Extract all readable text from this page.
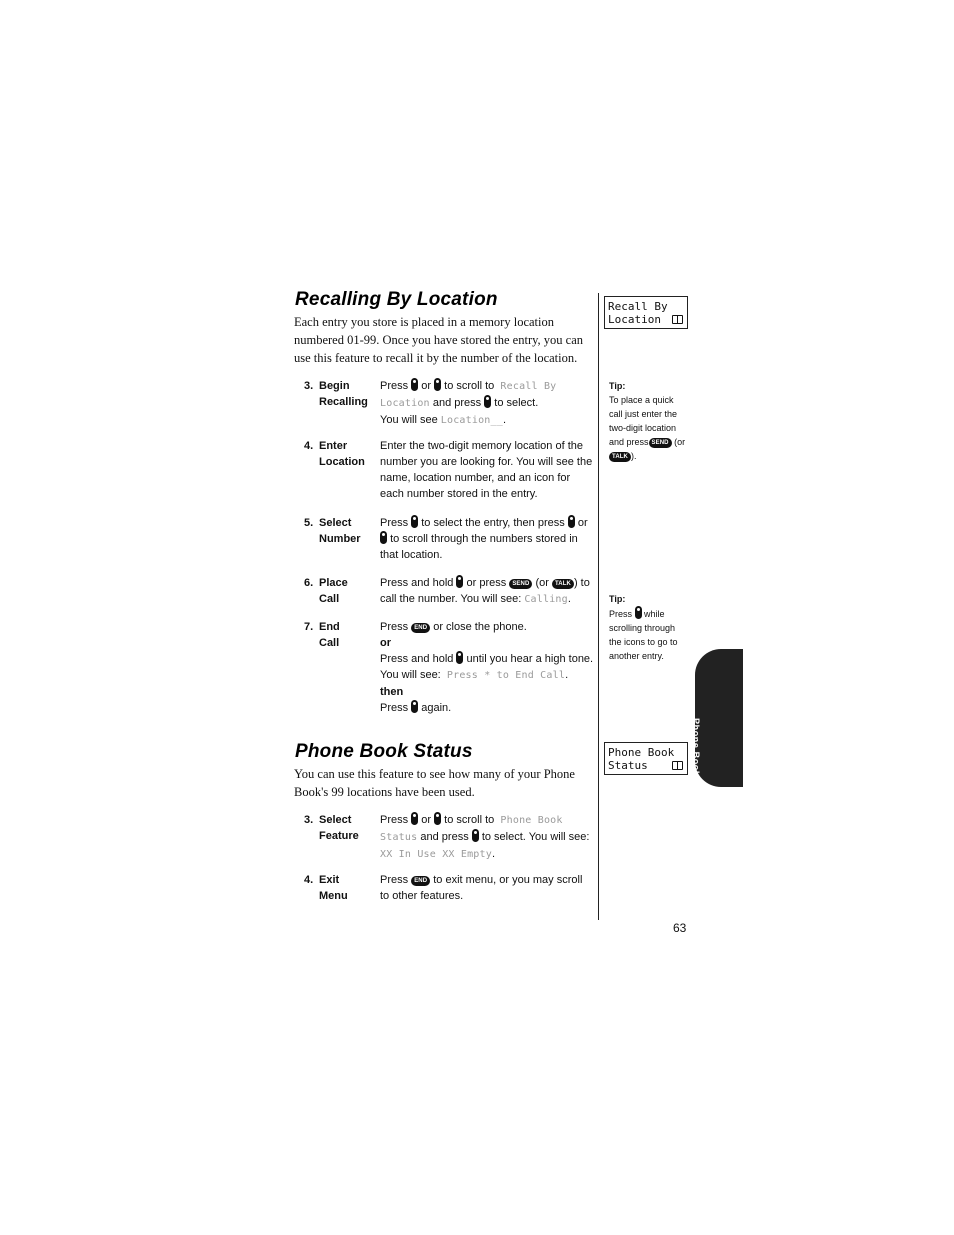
Recalling By Location
Each entry you store is placed in a memory location numbered 01-99. Once you have stored the entry, you can use this feature to recall it by the number of the location.
3. Begin
Recalling
Press or to scroll to Recall By
Location and press to select.
You will see Location__.
4. Enter
Location
Enter the two-digit memory location of the number you are looking for. You will see the name, location number, and an icon for each number stored in the entry.
5. Select
Number
Press to select the entry, then press or
to scroll through the numbers stored in that location.
6. Place
Call
Press and hold or press SEND (or TALK ) to call the number. You will see: Calling.
7. End
Call
Press END or close the phone.
or
Press and hold until you hear a high tone.
You will see: Press * to End Call.
then
Press again.
Phone Book Status
You can use this feature to see how many of your Phone Book's 99 locations have been used.
3. Select
Feature
Press or to scroll to Phone Book
Status and press to select. You will see:
XX In Use XX Empty.
4. Exit
Menu
Press END to exit menu, or you may scroll to other features.
Recall By
Location
Tip:
To place a quick call just enter the two-digit location and press SEND (or TALK ).
Tip:
Press while scrolling through the icons to go to another entry.
Phone Book
Status	Phone Book
63
